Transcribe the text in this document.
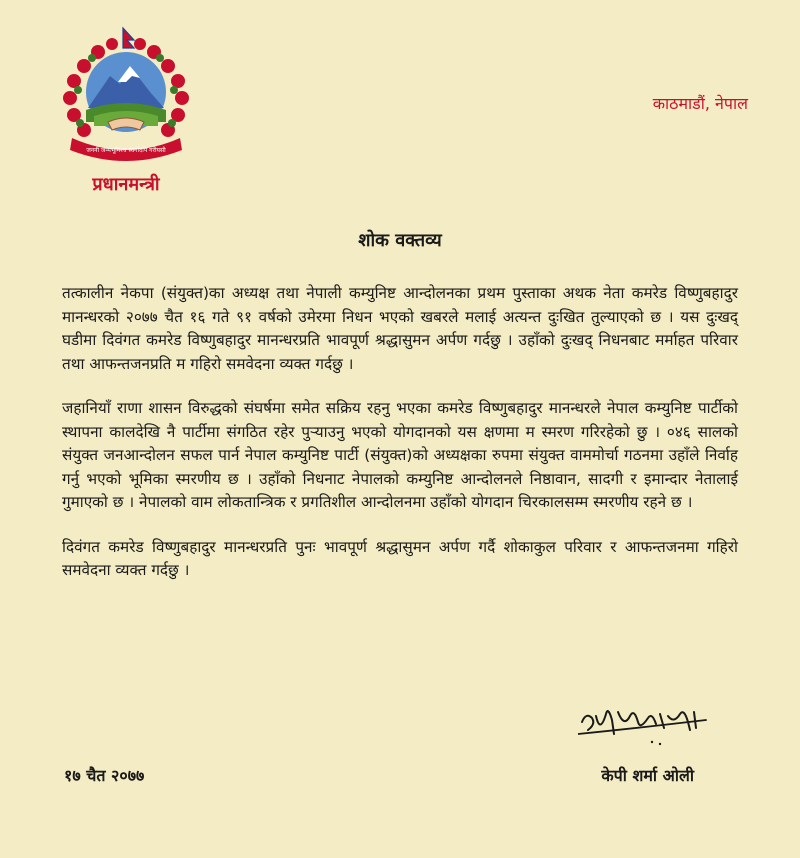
जननी जन्मभूमिश्च स्वर्गादपि गरीयसी
प्रधानमन्त्री
काठमाडौं, नेपाल
शोक वक्तव्य

तत्कालीन नेकपा (संयुक्त)का अध्यक्ष तथा नेपाली कम्युनिष्ट आन्दोलनका प्रथम पुस्ताका अथक नेता कमरेड विष्णुबहादुर मानन्धरको २०७७ चैत १६ गते ९१ वर्षको उमेरमा निधन भएको खबरले मलाई अत्यन्त दुःखित तुल्याएको छ । यस दुःखद् घडीमा दिवंगत कमरेड विष्णुबहादुर मानन्धरप्रति भावपूर्ण श्रद्धासुमन अर्पण गर्दछु । उहाँको दुःखद् निधनबाट मर्माहत परिवार तथा आफन्तजनप्रति म गहिरो समवेदना व्यक्त गर्दछु ।

जहानियाँ राणा शासन विरुद्धको संघर्षमा समेत सक्रिय रहनु भएका कमरेड विष्णुबहादुर मानन्धरले नेपाल कम्युनिष्ट पार्टीको स्थापना कालदेखि नै पार्टीमा संगठित रहेर पुर्‍याउनु भएको योगदानको यस क्षणमा म स्मरण गरिरहेको छु । ०४६ सालको संयुक्त जनआन्दोलन सफल पार्न नेपाल कम्युनिष्ट पार्टी (संयुक्त)को अध्यक्षका रुपमा संयुक्त वाममोर्चा गठनमा उहाँले निर्वाह गर्नु भएको भूमिका स्मरणीय छ । उहाँको निधनाट नेपालको कम्युनिष्ट आन्दोलनले निष्ठावान, सादगी र इमान्दार नेतालाई गुमाएको छ । नेपालको वाम लोकतान्त्रिक र प्रगतिशील आन्दोलनमा उहाँको योगदान चिरकालसम्म स्मरणीय रहने छ ।

दिवंगत कमरेड विष्णुबहादुर मानन्धरप्रति पुनः भावपूर्ण श्रद्धासुमन अर्पण गर्दै शोकाकुल परिवार र आफन्तजनमा गहिरो समवेदना व्यक्त गर्दछु ।

१७ चैत २०७७	केपी शर्मा ओली
